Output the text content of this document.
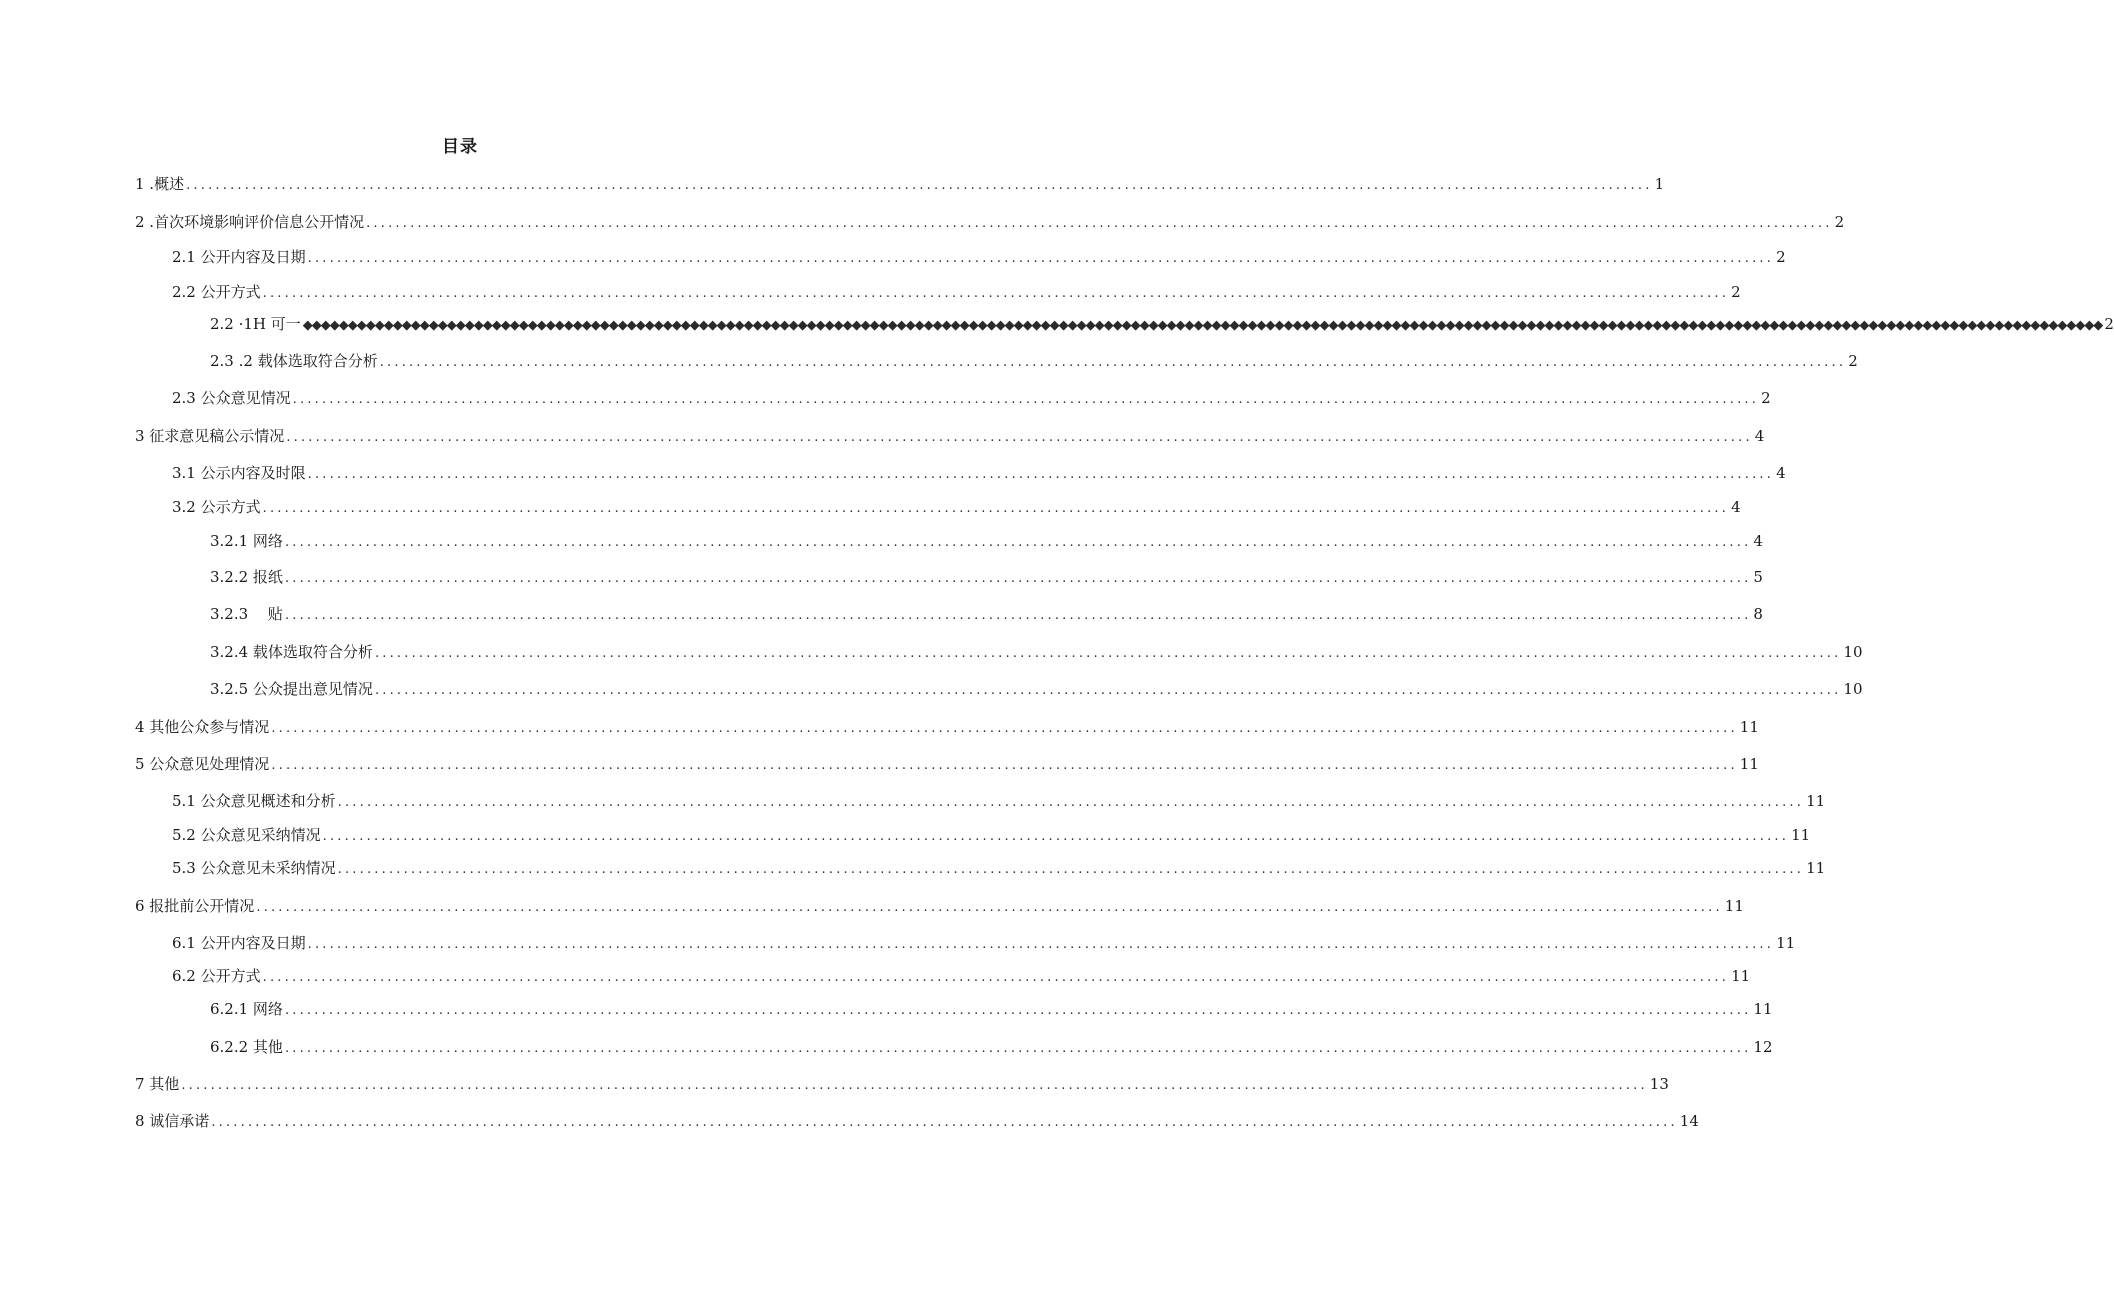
目录
1 .概述 ........................................................................................................................................................................................................ 1
2 .首次环境影响评价信息公开情况 ........................................................................................................................................................................................................ 2
2.1 公开内容及日期 ........................................................................................................................................................................................................ 2
2.2 公开方式 ........................................................................................................................................................................................................ 2
2.2 ·1H 可一 ◆◆◆◆◆◆◆◆◆◆◆◆◆◆◆◆◆◆◆◆◆◆◆◆◆◆◆◆◆◆◆◆◆◆◆◆◆◆◆◆◆◆◆◆◆◆◆◆◆◆◆◆◆◆◆◆◆◆◆◆◆◆◆◆◆◆◆◆◆◆◆◆◆◆◆◆◆◆◆◆◆◆◆◆◆◆◆◆◆◆◆◆◆◆◆◆◆◆◆◆◆◆◆◆◆◆◆◆◆◆◆◆◆◆◆◆◆◆◆◆◆◆◆◆◆◆◆◆◆◆◆◆◆◆◆◆◆◆◆◆◆◆◆◆◆◆◆◆◆◆◆◆◆◆◆◆◆◆◆◆◆◆◆◆◆◆◆◆◆◆◆◆◆◆◆◆◆◆◆◆◆◆◆◆◆◆◆◆◆◆◆◆◆◆◆◆◆◆◆◆ 2
2.3 .2 载体选取符合分析 ........................................................................................................................................................................................................ 2
2.3 公众意见情况 ........................................................................................................................................................................................................ 2
3 征求意见稿公示情况 ........................................................................................................................................................................................................ 4
3.1 公示内容及时限 ........................................................................................................................................................................................................ 4
3.2 公示方式 ........................................................................................................................................................................................................ 4
3.2.1 网络 ........................................................................................................................................................................................................ 4
3.2.2 报纸 ........................................................................................................................................................................................................ 5
3.2.3 　贴 ........................................................................................................................................................................................................ 8
3.2.4 载体选取符合分析 ........................................................................................................................................................................................................ 10
3.2.5 公众提出意见情况 ........................................................................................................................................................................................................ 10
4 其他公众参与情况 ........................................................................................................................................................................................................ 11
5 公众意见处理情况 ........................................................................................................................................................................................................ 11
5.1 公众意见概述和分析 ........................................................................................................................................................................................................ 11
5.2 公众意见采纳情况 ........................................................................................................................................................................................................ 11
5.3 公众意见未采纳情况 ........................................................................................................................................................................................................ 11
6 报批前公开情况 ........................................................................................................................................................................................................ 11
6.1 公开内容及日期 ........................................................................................................................................................................................................ 11
6.2 公开方式 ........................................................................................................................................................................................................ 11
6.2.1 网络 ........................................................................................................................................................................................................ 11
6.2.2 其他 ........................................................................................................................................................................................................ 12
7 其他 ........................................................................................................................................................................................................ 13
8 诚信承诺 ........................................................................................................................................................................................................ 14
